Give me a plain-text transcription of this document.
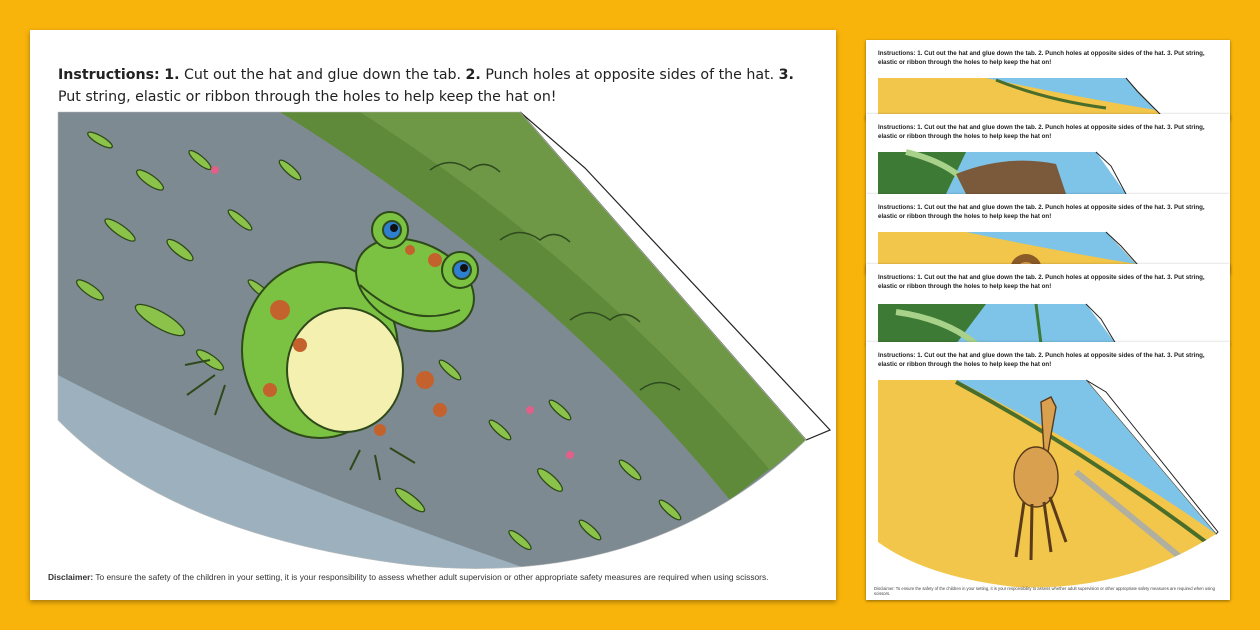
Instructions: 1. Cut out the hat and glue down the tab. 2. Punch holes at opposite sides of the hat. 3. Put string, elastic or ribbon through the holes to help keep the hat on!
Disclaimer: To ensure the safety of the children in your setting, it is your responsibility to assess whether adult supervision or other appropriate safety measures are required when using scissors.
Instructions: 1. Cut out the hat and glue down the tab. 2. Punch holes at opposite sides of the hat. 3. Put string, elastic or ribbon through the holes to help keep the hat on!
Instructions: 1. Cut out the hat and glue down the tab. 2. Punch holes at opposite sides of the hat. 3. Put string, elastic or ribbon through the holes to help keep the hat on!
Instructions: 1. Cut out the hat and glue down the tab. 2. Punch holes at opposite sides of the hat. 3. Put string, elastic or ribbon through the holes to help keep the hat on!
Instructions: 1. Cut out the hat and glue down the tab. 2. Punch holes at opposite sides of the hat. 3. Put string, elastic or ribbon through the holes to help keep the hat on!
Instructions: 1. Cut out the hat and glue down the tab. 2. Punch holes at opposite sides of the hat. 3. Put string, elastic or ribbon through the holes to help keep the hat on!
Disclaimer: To ensure the safety of the children in your setting, it is your responsibility to assess whether adult supervision or other appropriate safety measures are required when using scissors.
